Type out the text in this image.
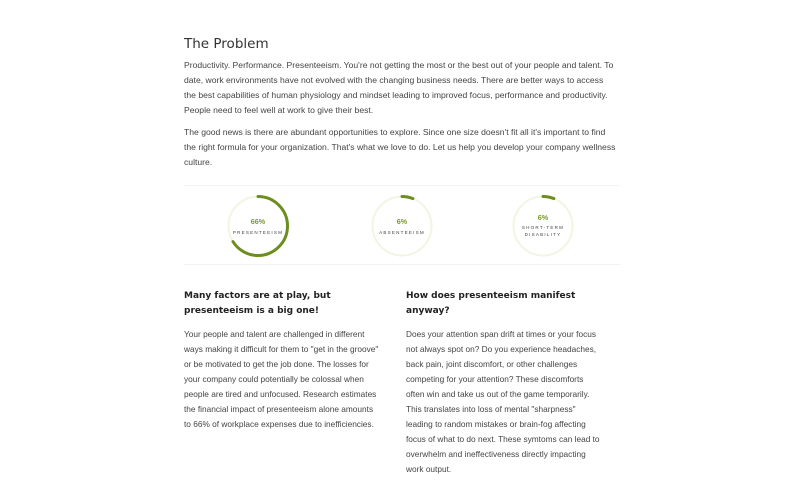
The Problem

Productivity. Performance. Presenteeism. You're not getting the most or the best out of your people and talent. To date, work environments have not evolved with the changing business needs. There are better ways to access the best capabilities of human physiology and mindset leading to improved focus, performance and productivity. People need to feel well at work to give their best.

The good news is there are abundant opportunities to explore. Since one size doesn't fit all it's important to find the right formula for your organization. That's what we love to do. Let us help you develop your company wellness culture.

66%
PRESENTEEISM
6%
ABSENTEEISM
6%
SHORT-TERM DISABILITY
Many factors are at play, but presenteeism is a big one!

Your people and talent are challenged in different ways making it difficult for them to "get in the groove" or be motivated to get the job done. The losses for your company could potentially be colossal when people are tired and unfocused. Research estimates the financial impact of presenteeism alone amounts to 66% of workplace expenses due to inefficiencies.

How does presenteeism manifest anyway?

Does your attention span drift at times or your focus not always spot on? Do you experience headaches, back pain, joint discomfort, or other challenges competing for your attention? These discomforts often win and take us out of the game temporarily. This translates into loss of mental "sharpness" leading to random mistakes or brain-fog affecting focus of what to do next. These symtoms can lead to overwhelm and ineffectiveness directly impacting work output.
